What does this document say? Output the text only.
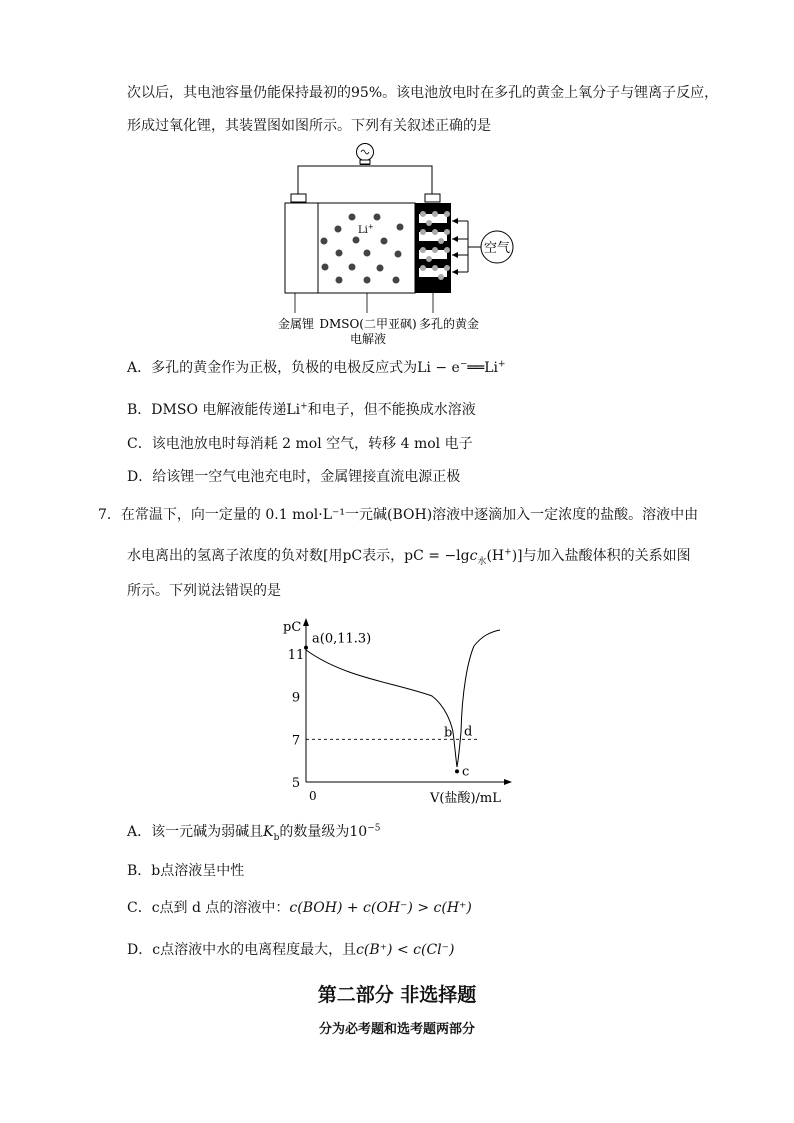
次以后，其电池容量仍能保持最初的95%。该电池放电时在多孔的黄金上氧分子与锂离子反应，
形成过氧化锂，其装置图如图所示。下列有关叙述正确的是
Li+
空气
金属锂 DMSO(二甲亚砜)
电解液
多孔的黄金
A．多孔的黄金作为正极，负极的电极反应式为Li − e−══Li+
B．DMSO 电解液能传递Li+和电子，但不能换成水溶液
C．该电池放电时每消耗 2 mol 空气，转移 4 mol 电子
D．给该锂一空气电池充电时，金属锂接直流电源正极
7．在常温下，向一定量的 0.1 mol·L⁻¹一元碱(BOH)溶液中逐滴加入一定浓度的盐酸。溶液中由
水电离出的氢离子浓度的负对数[用pC表示，pC = −lgc$_水$(H+)]与加入盐酸体积的关系如图
所示。下列说法错误的是
pC
V(盐酸)/mL
0
5
7
9
11
a(0,11.3)
b
c
d
A．该一元碱为弱碱且$K_b$的数量级为$10^{-5}$
B．b点溶液呈中性
C．c点到 d 点的溶液中：c(BOH) + c(OH⁻) > c(H⁺)
D．c点溶液中水的电离程度最大，且c(B⁺) < c(Cl⁻)
第二部分 非选择题
分为必考题和选考题两部分
